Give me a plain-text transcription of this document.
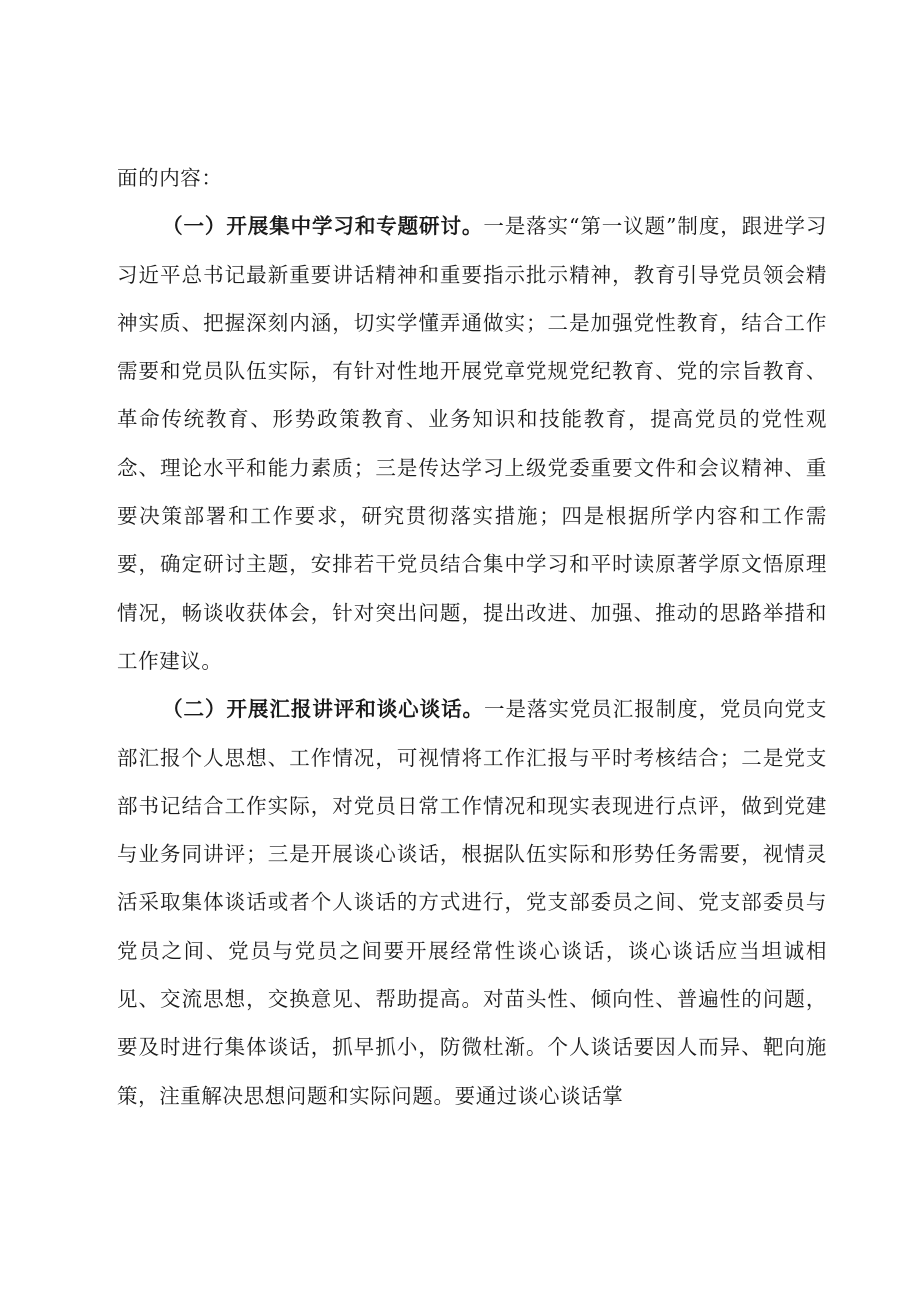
面的内容：

（一）开展集中学习和专题研讨。一是落实“第一议题”制度，跟进学习习近平总书记最新重要讲话精神和重要指示批示精神，教育引导党员领会精神实质、把握深刻内涵，切实学懂弄通做实；二是加强党性教育，结合工作需要和党员队伍实际，有针对性地开展党章党规党纪教育、党的宗旨教育、革命传统教育、形势政策教育、业务知识和技能教育，提高党员的党性观念、理论水平和能力素质；三是传达学习上级党委重要文件和会议精神、重要决策部署和工作要求，研究贯彻落实措施；四是根据所学内容和工作需要，确定研讨主题，安排若干党员结合集中学习和平时读原著学原文悟原理情况，畅谈收获体会，针对突出问题，提出改进、加强、推动的思路举措和工作建议。

（二）开展汇报讲评和谈心谈话。一是落实党员汇报制度，党员向党支部汇报个人思想、工作情况，可视情将工作汇报与平时考核结合；二是党支部书记结合工作实际，对党员日常工作情况和现实表现进行点评，做到党建与业务同讲评；三是开展谈心谈话，根据队伍实际和形势任务需要，视情灵活采取集体谈话或者个人谈话的方式进行，党支部委员之间、党支部委员与党员之间、党员与党员之间要开展经常性谈心谈话，谈心谈话应当坦诚相见、交流思想，交换意见、帮助提高。对苗头性、倾向性、普遍性的问题，要及时进行集体谈话，抓早抓小，防微杜渐。个人谈话要因人而异、靶向施策，注重解决思想问题和实际问题。要通过谈心谈话掌
